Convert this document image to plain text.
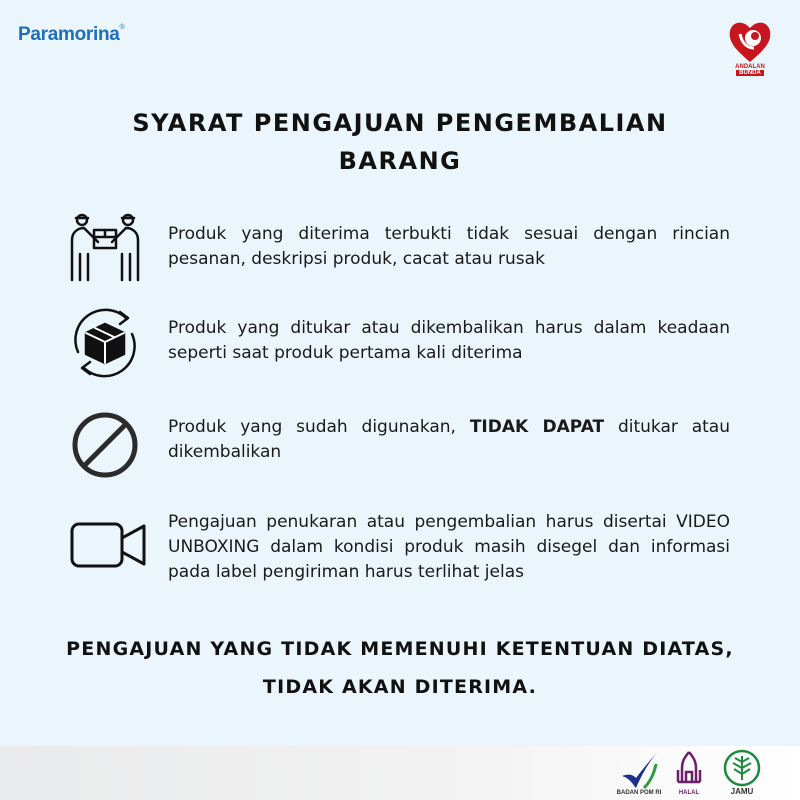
Paramorina®
ANDALAN
BUNDA
SYARAT PENGAJUAN PENGEMBALIAN
BARANG
Produk yang diterima terbukti tidak sesuai dengan rincian pesanan, deskripsi produk, cacat atau rusak
Produk yang ditukar atau dikembalikan harus dalam keadaan seperti saat produk pertama kali diterima
Produk yang sudah digunakan, TIDAK DAPAT ditukar atau dikembalikan
Pengajuan penukaran atau pengembalian harus disertai VIDEO UNBOXING dalam kondisi produk masih disegel dan informasi pada label pengiriman harus terlihat jelas
PENGAJUAN YANG TIDAK MEMENUHI KETENTUAN DIATAS,
TIDAK AKAN DITERIMA.
BADAN POM RI	HALAL	JAMU
